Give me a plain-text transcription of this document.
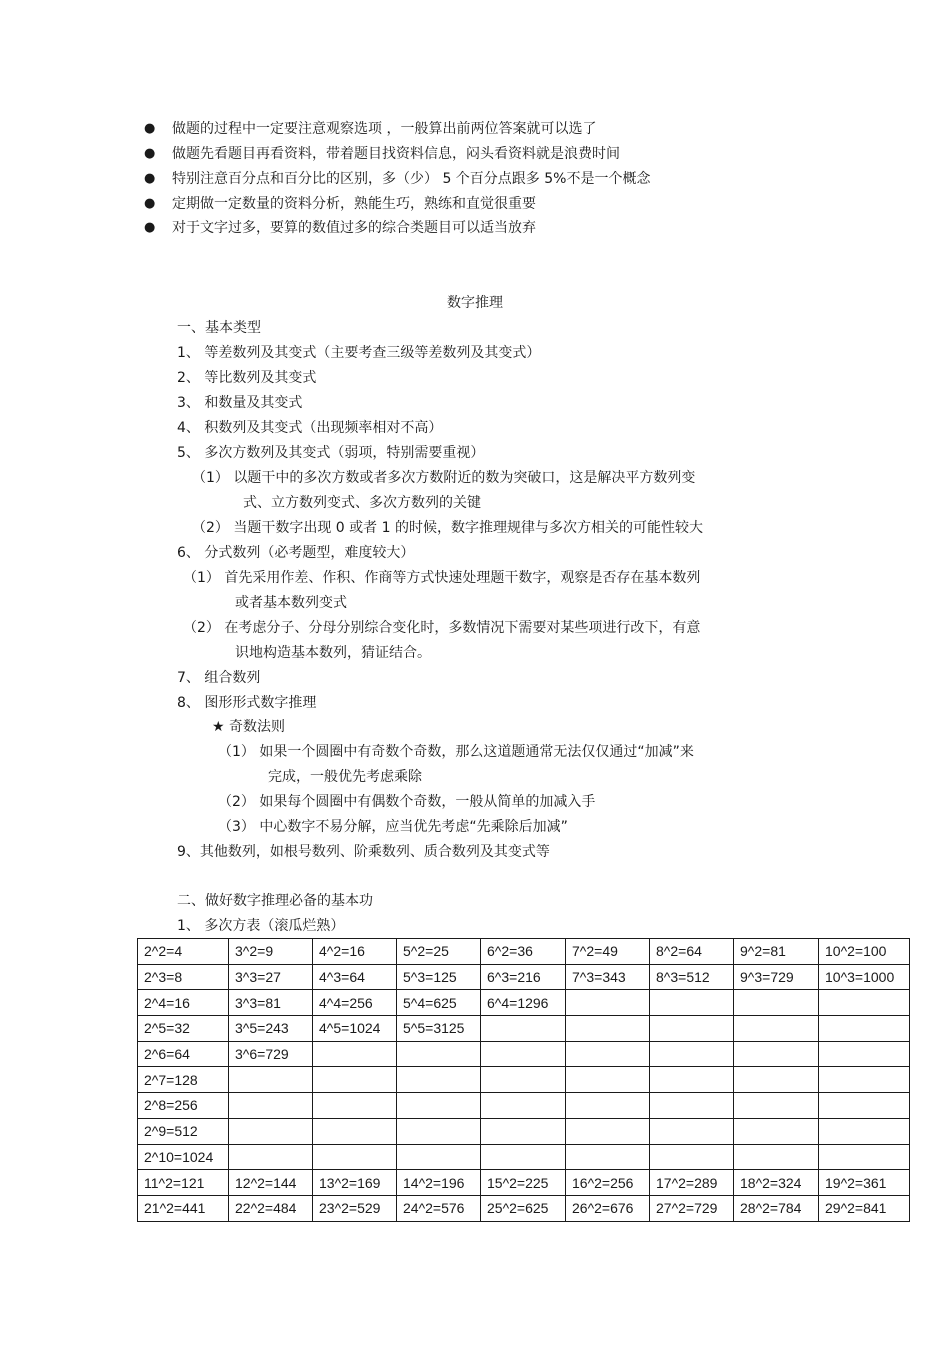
● 做题的过程中一定要注意观察选项 ，一般算出前两位答案就可以选了
● 做题先看题目再看资料，带着题目找资料信息，闷头看资料就是浪费时间
● 特别注意百分点和百分比的区别，多（少） 5 个百分点跟多 5%不是一个概念
● 定期做一定数量的资料分析，熟能生巧，熟练和直觉很重要
● 对于文字过多，要算的数值过多的综合类题目可以适当放弃
数字推理
一、基本类型
1、 等差数列及其变式（主要考查三级等差数列及其变式）
2、 等比数列及其变式
3、 和数量及其变式
4、 积数列及其变式（出现频率相对不高）
5、 多次方数列及其变式（弱项，特别需要重视）
（1） 以题干中的多次方数或者多次方数附近的数为突破口，这是解决平方数列变
式、立方数列变式、多次方数列的关键
（2） 当题干数字出现 0 或者 1 的时候，数字推理规律与多次方相关的可能性较大
6、 分式数列（必考题型，难度较大）
（1） 首先采用作差、作积、作商等方式快速处理题干数字，观察是否存在基本数列
或者基本数列变式
（2） 在考虑分子、分母分别综合变化时，多数情况下需要对某些项进行改下，有意
识地构造基本数列，猜证结合。
7、 组合数列
8、 图形形式数字推理
★ 奇数法则
（1） 如果一个圆圈中有奇数个奇数，那么这道题通常无法仅仅通过“加减”来
完成，一般优先考虑乘除
（2） 如果每个圆圈中有偶数个奇数，一般从简单的加减入手
（3） 中心数字不易分解，应当优先考虑“先乘除后加减”
9、其他数列，如根号数列、阶乘数列、质合数列及其变式等
二、做好数字推理必备的基本功
1、 多次方表（滚瓜烂熟）
2^2=4	3^2=9	4^2=16	5^2=25	6^2=36	7^2=49	8^2=64	9^2=81	10^2=100
2^3=8	3^3=27	4^3=64	5^3=125	6^3=216	7^3=343	8^3=512	9^3=729	10^3=1000
2^4=16	3^3=81	4^4=256	5^4=625	6^4=1296				
2^5=32	3^5=243	4^5=1024	5^5=3125					
2^6=64	3^6=729							
2^7=128								
2^8=256								
2^9=512								
2^10=1024								
11^2=121	12^2=144	13^2=169	14^2=196	15^2=225	16^2=256	17^2=289	18^2=324	19^2=361
21^2=441	22^2=484	23^2=529	24^2=576	25^2=625	26^2=676	27^2=729	28^2=784	29^2=841
